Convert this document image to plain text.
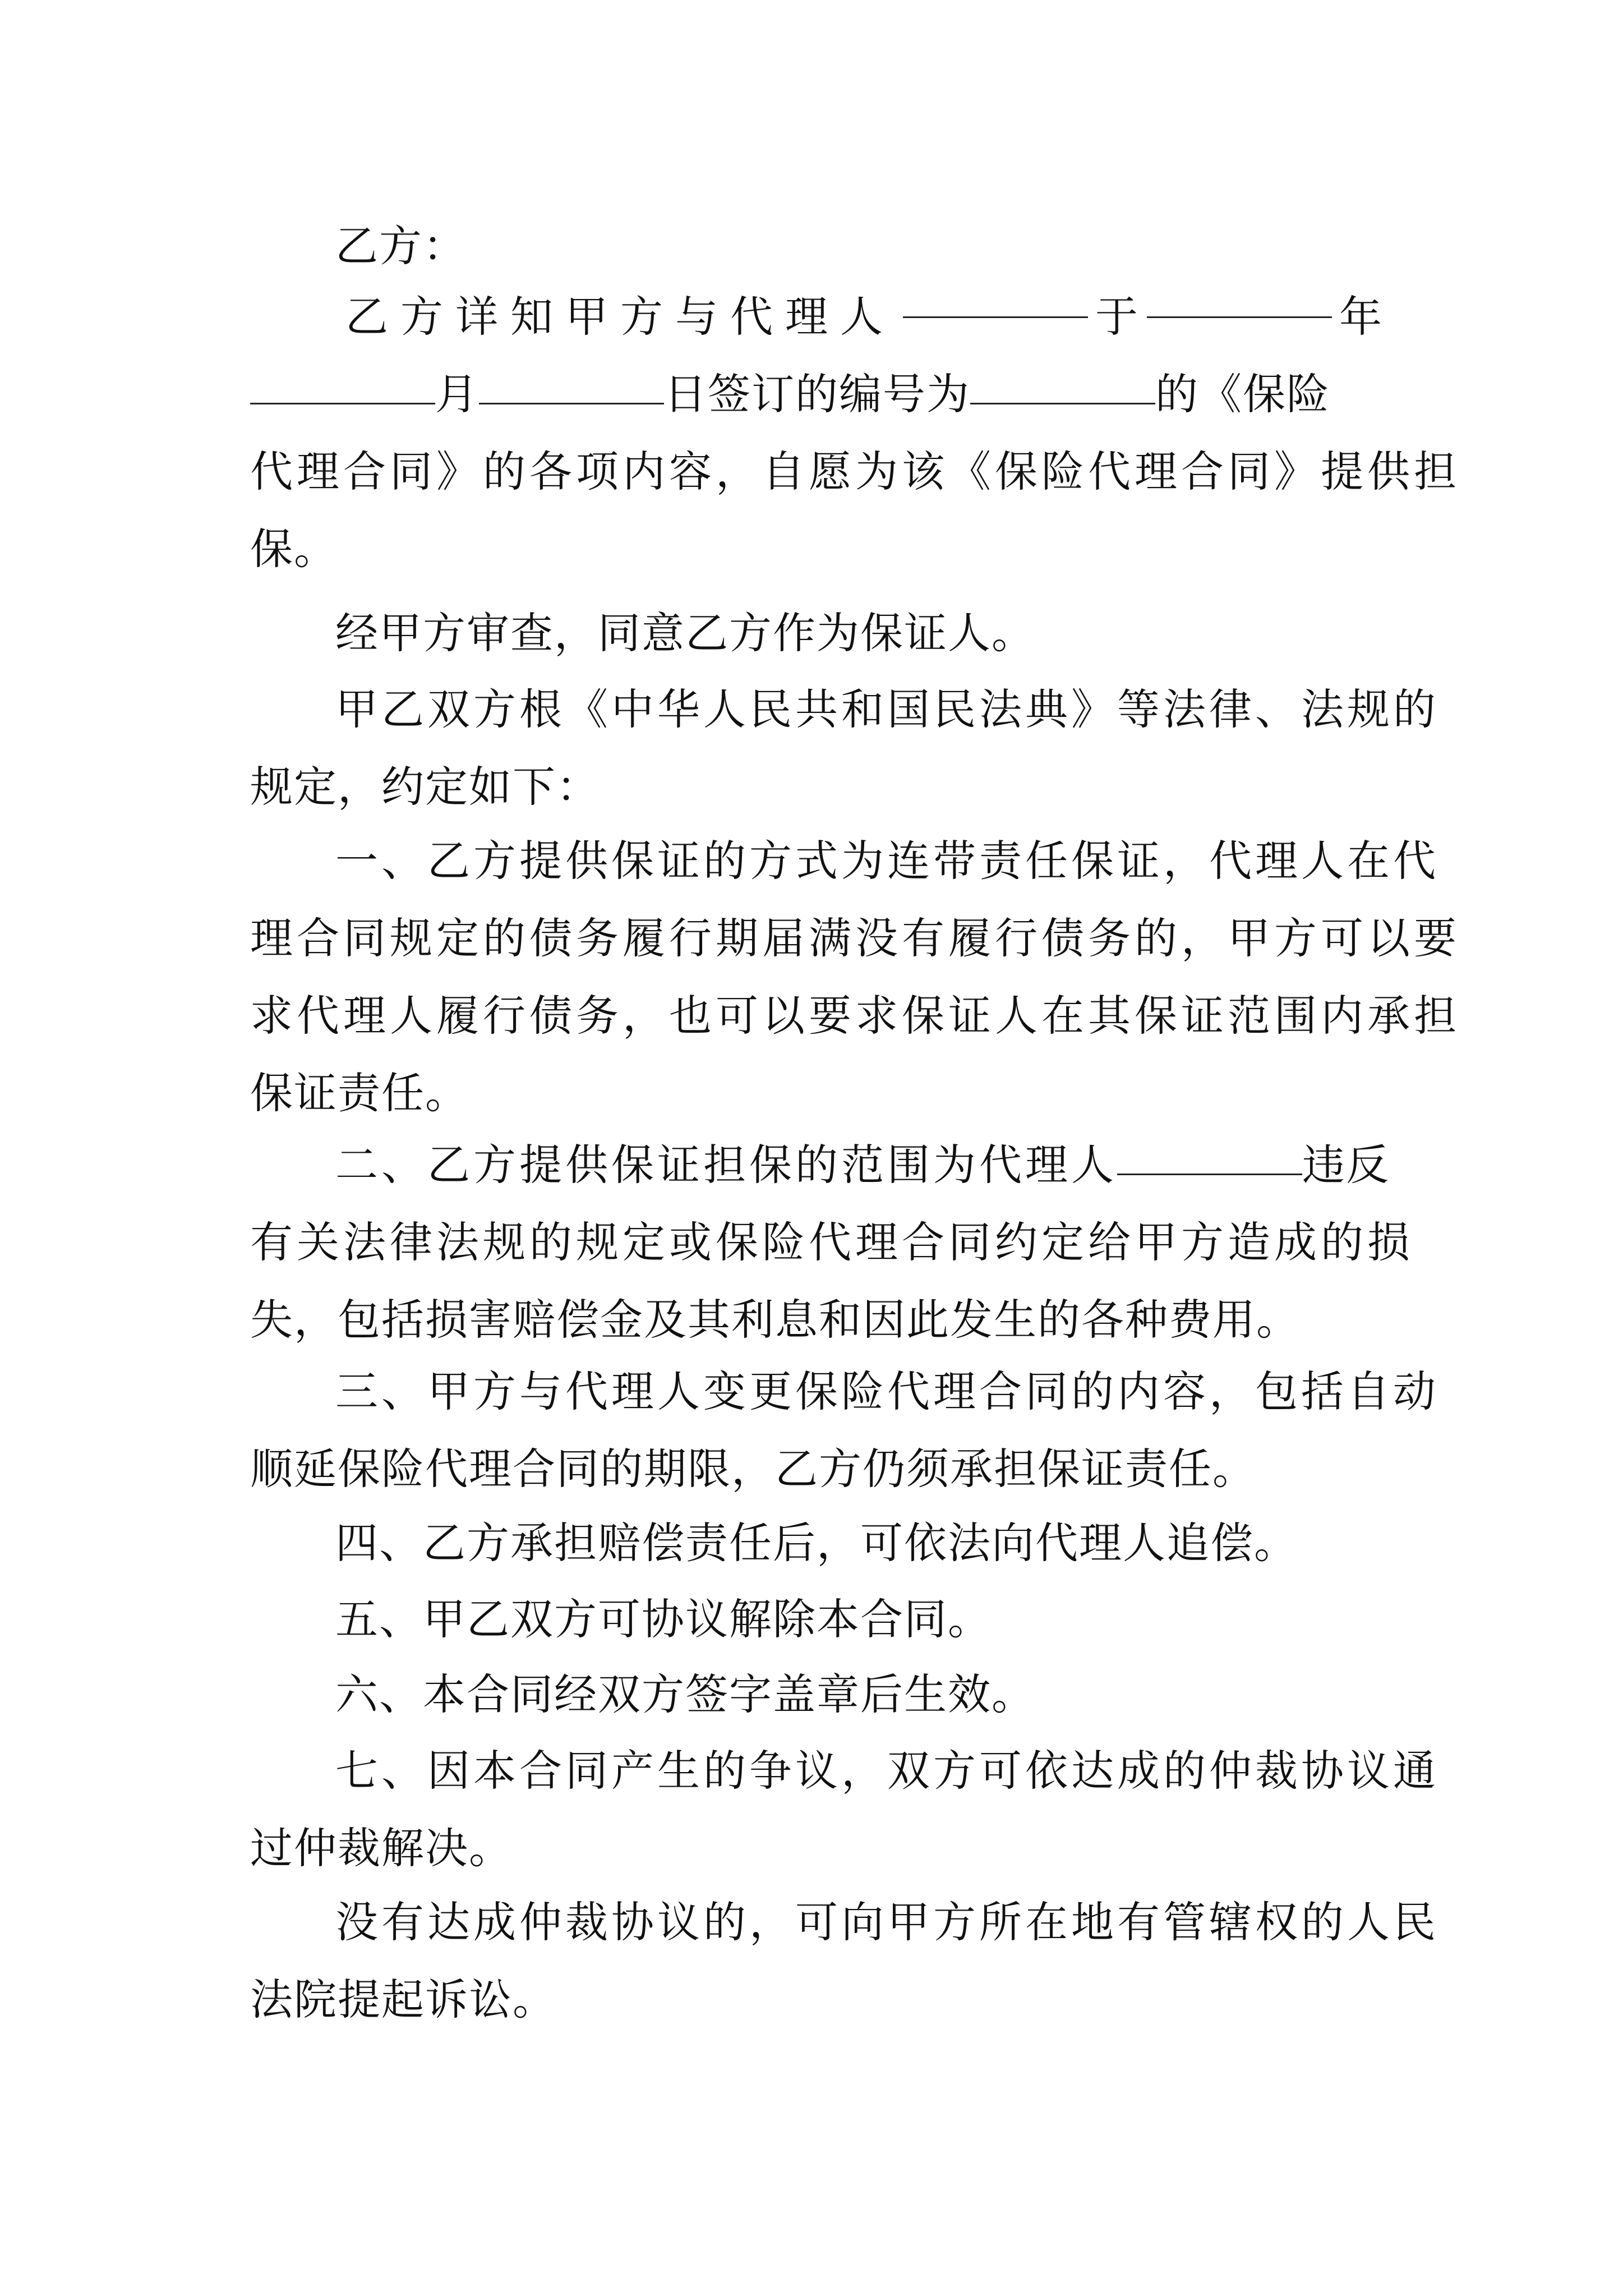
乙方：
乙方详知甲方与代理人	于	年
月	日签订的编号为	的《保险
代理合同》的各项内容，自愿为该《保险代理合同》提供担
保。
经甲方审查，同意乙方作为保证人。
甲乙双方根《中华人民共和国民法典》等法律、法规的
规定，约定如下：
一、乙方提供保证的方式为连带责任保证，代理人在代
理合同规定的债务履行期届满没有履行债务的，甲方可以要
求代理人履行债务，也可以要求保证人在其保证范围内承担
保证责任。
二、乙方提供保证担保的范围为代理人	违反
有关法律法规的规定或保险代理合同约定给甲方造成的损
失，包括损害赔偿金及其利息和因此发生的各种费用。
三、甲方与代理人变更保险代理合同的内容，包括自动
顺延保险代理合同的期限，乙方仍须承担保证责任。
四、乙方承担赔偿责任后，可依法向代理人追偿。
五、甲乙双方可协议解除本合同。
六、本合同经双方签字盖章后生效。
七、因本合同产生的争议，双方可依达成的仲裁协议通
过仲裁解决。
没有达成仲裁协议的，可向甲方所在地有管辖权的人民
法院提起诉讼。
